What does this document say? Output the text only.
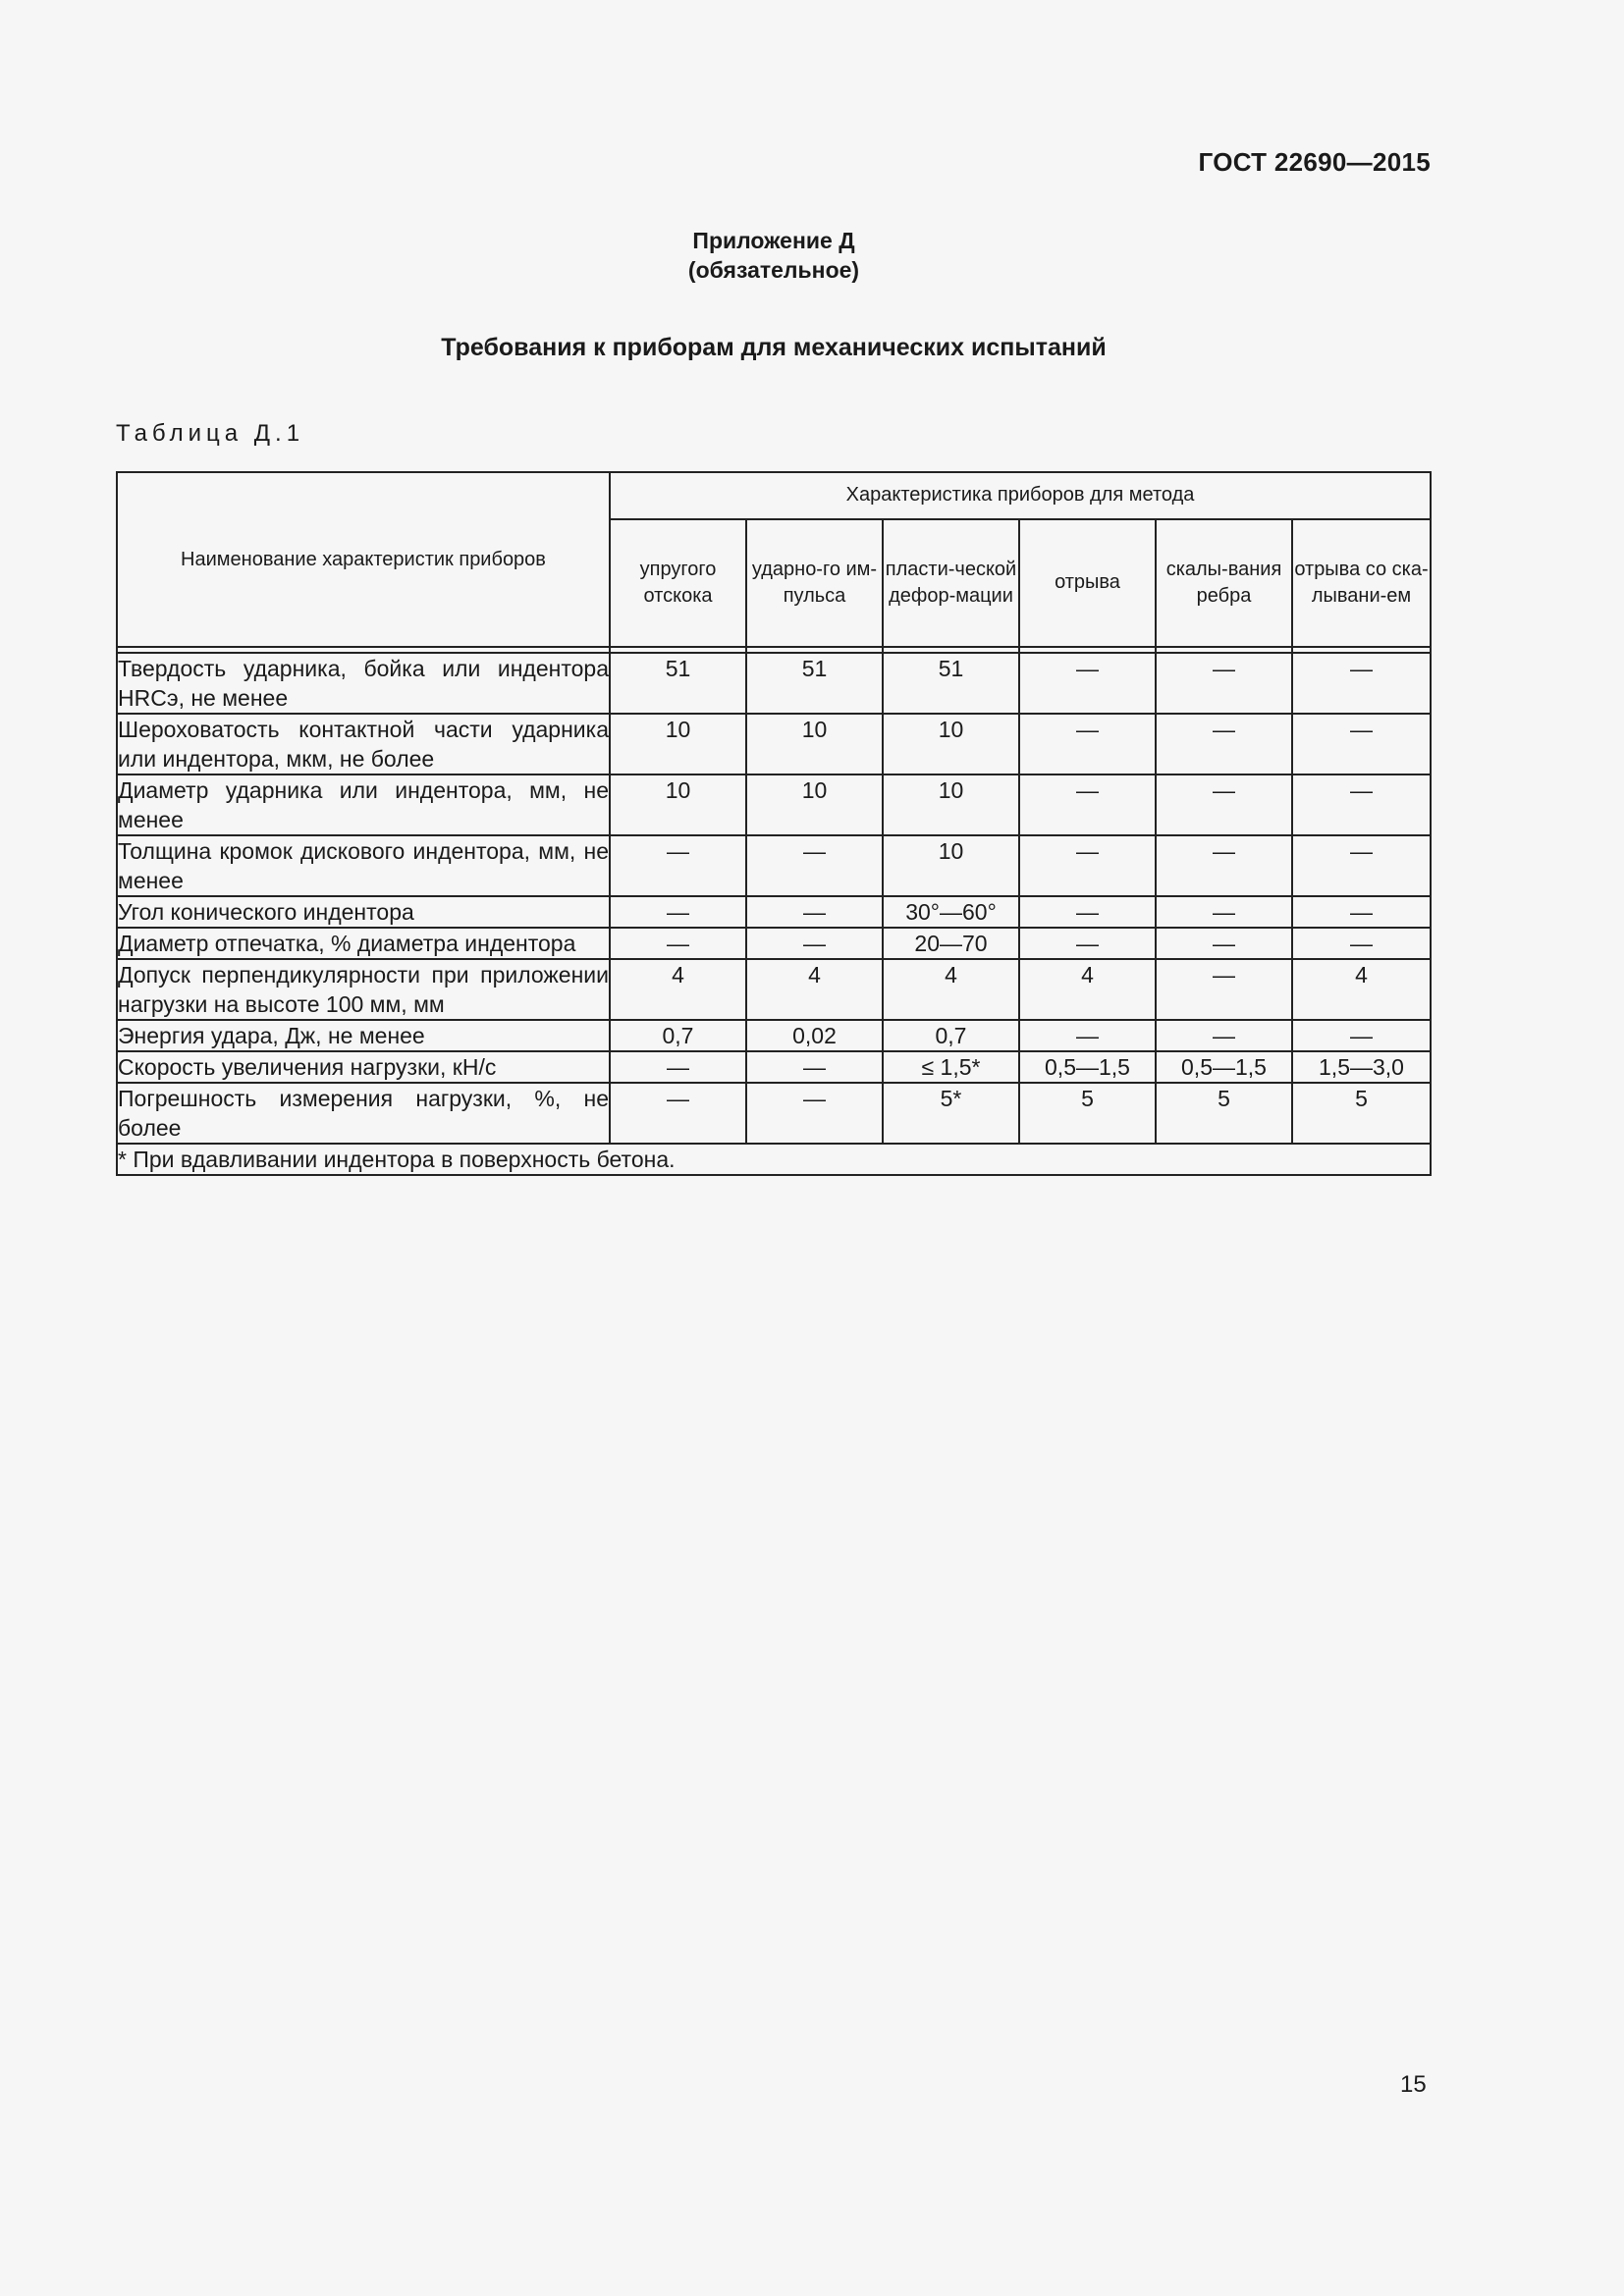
ГОСТ 22690—2015
Приложение Д
(обязательное)
Требования к приборам для механических испытаний
Таблица Д.1
Наименование характеристик приборов	Характеристика приборов для метода					
	упругого отскока	ударно-го им-пульса	пласти-ческой дефор-мации	отрыва	скалы-вания ребра	отрыва со ска-лывани-ем

Твердость ударника, бойка или индентора HRCэ, не менее	51	51	51	—	—	—
Шероховатость контактной части ударника или индентора, мкм, не более	10	10	10	—	—	—
Диаметр ударника или индентора, мм, не менее	10	10	10	—	—	—
Толщина кромок дискового индентора, мм, не менее	—	—	10	—	—	—
Угол конического индентора	—	—	30°—60°	—	—	—
Диаметр отпечатка, % диаметра индентора	—	—	20—70	—	—	—
Допуск перпендикулярности при приложении нагрузки на высоте 100 мм, мм	4	4	4	4	—	4
Энергия удара, Дж, не менее	0,7	0,02	0,7	—	—	—
Скорость увеличения нагрузки, кН/с	—	—	≤ 1,5*	0,5—1,5	0,5—1,5	1,5—3,0
Погрешность измерения нагрузки, %, не более	—	—	5*	5	5	5
* При вдавливании индентора в поверхность бетона.						
15
